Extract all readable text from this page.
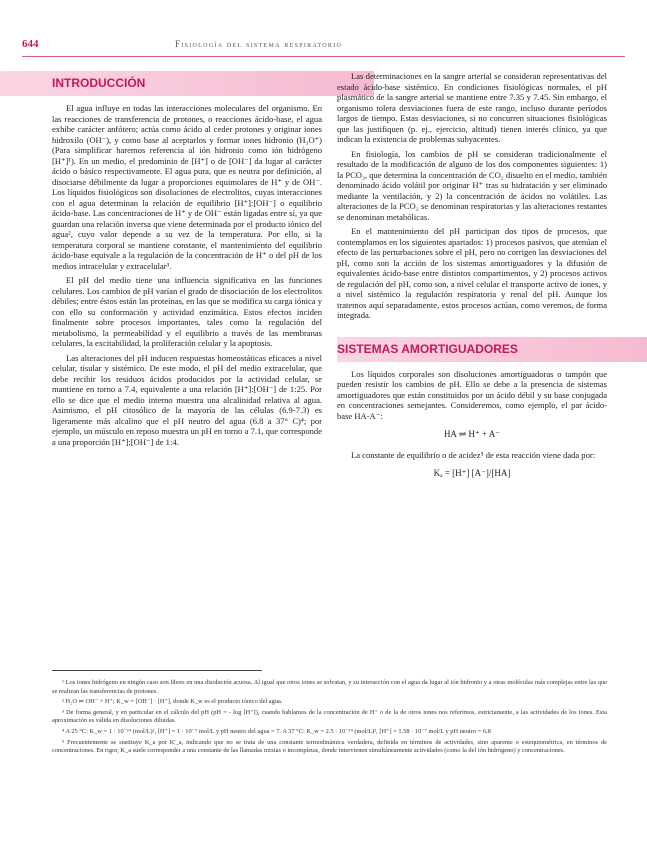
644	Fisiología del sistema respiratorio
INTRODUCCIÓN

El agua influye en todas las interacciones moleculares del organismo. En las reacciones de transferencia de protones, o reacciones ácido-base, el agua exhibe carácter anfótero; actúa como ácido al ceder protones y originar iones hidroxilo (OH⁻), y como base al aceptarlos y formar iones hidronio (H₃O⁺) (Para simplificar haremos referencia al ión hidronio como ión hidrógeno [H⁺]¹). En un medio, el predominio de [H⁺] o de [OH⁻] da lugar al carácter ácido o básico respectivamente. El agua pura, que es neutra por definición, al disociarse débilmente da lugar a proporciones equimolares de H⁺ y de OH⁻. Los líquidos fisiológicos son disoluciones de electrolitos, cuyas interacciones con el agua determinan la relación de equilibrio [H⁺]:[OH⁻] o equilibrio ácido-base. Las concentraciones de H⁺ y de OH⁻ están ligadas entre sí, ya que guardan una relación inversa que viene determinada por el producto iónico del agua², cuyo valor depende a su vez de la temperatura. Por ello, si la temperatura corporal se mantiene constante, el mantenimiento del equilibrio ácido-base equivale a la regulación de la concentración de H⁺ o del pH de los medios intracelular y extracelular³.

El pH del medio tiene una influencia significativa en las funciones celulares. Los cambios de pH varían el grado de disociación de los electrolitos débiles; entre éstos están las proteínas, en las que se modifica su carga iónica y con ello su conformación y actividad enzimática. Estos efectos inciden finalmente sobre procesos importantes, tales como la regulación del metabolismo, la permeabilidad y el equilibrio a través de las membranas celulares, la excitabilidad, la proliferación celular y la apoptosis.

Las alteraciones del pH inducen respuestas homeostáticas eficaces a nivel celular, tisular y sistémico. De este modo, el pH del medio extracelular, que debe recibir los residuos ácidos producidos por la actividad celular, se mantiene en torno a 7.4, equivalente a una relación [H⁺]:[OH⁻] de 1:25. Por ello se dice que el medio interno muestra una alcalinidad relativa al agua. Asimismo, el pH citosólico de la mayoría de las células (6.9-7.3) es ligeramente más alcalino que el pH neutro del agua (6.8 a 37° C)⁴; por ejemplo, un músculo en reposo muestra un pH en torno a 7.1, que corresponde a una proporción [H⁺]:[OH⁻] de 1:4.

Las determinaciones en la sangre arterial se consideran representativas del estado ácido-base sistémico. En condiciones fisiológicas normales, el pH plasmático de la sangre arterial se mantiene entre 7.35 y 7.45. Sin embargo, el organismo tolera desviaciones fuera de este rango, incluso durante períodos largos de tiempo. Estas desviaciones, si no concurren situaciones fisiológicas que las justifiquen (p. ej., ejercicio, altitud) tienen interés clínico, ya que indican la existencia de problemas subyacentes.

En fisiología, los cambios de pH se consideran tradicionalmente el resultado de la modificación de alguno de los dos componentes siguientes: 1) la PCO₂, que determina la concentración de CO₂ disuelto en el medio, también denominado ácido volátil por originar H⁺ tras su hidratación y ser eliminado mediante la ventilación, y 2) la concentración de ácidos no volátiles. Las alteraciones de la PCO₂ se denominan respiratorias y las alteraciones restantes se denominan metabólicas.

En el mantenimiento del pH participan dos tipos de procesos, que contemplamos en los siguientes apartados: 1) procesos pasivos, que atenúan el efecto de las perturbaciones sobre el pH, pero no corrigen las desviaciones del pH, como son la acción de los sistemas amortiguadores y la difusión de equivalentes ácido-base entre distintos compartimentos, y 2) procesos activos de regulación del pH, como son, a nivel celular el transporte activo de iones, y a nivel sistémico la regulación respiratoria y renal del pH. Aunque los tratemos aquí separadamente, estos procesos actúan, como veremos, de forma integrada.

SISTEMAS AMORTIGUADORES

Los líquidos corporales son disoluciones amortiguadoras o tampón que pueden resistir los cambios de pH. Ello se debe a la presencia de sistemas amortiguadores que están constituidos por un ácido débil y su base conjugada en concentraciones semejantes. Consideremos, como ejemplo, el par ácido-base HA-A⁻:

HA ⇌ H⁺ + A⁻

La constante de equilibrio o de acidez⁵ de esta reacción viene dada por:

Kₐ = [H⁺] [A⁻]/[HA]

¹ Los iones hidrógeno en ningún caso son libres en una disolución acuosa. Al igual que otros iones se solvatan, y su interacción con el agua da lugar al ión hidronio y a otras moléculas más complejas entre las que se realizan las transferencias de protones.
² H₂O ⇌ OH⁻ + H⁺; K_w = [OH⁻] · [H⁺], donde K_w es el producto iónico del agua.
³ De forma general, y en particular en el cálculo del pH (pH = - log [H⁺]), cuando hablamos de la concentración de H⁺ o de la de otros iones nos referimos, estrictamente, a las actividades de los iones. Esta aproximación es válida en disoluciones diluidas.
⁴ A 25 °C: K_w = 1 · 10⁻¹⁴ (mol/L)², [H⁺] = 1 · 10⁻⁷ mol/L y pH neutro del agua = 7. A 37 °C: K_w = 2.5 · 10⁻¹⁴ (mol/L)², [H⁺] = 1.58 · 10⁻⁷ mol/L y pH neutro = 6.8
⁵ Frecuentemente se sustituye K_a por K'_a, indicando que no se trata de una constante termodinámica verdadera, definida en términos de actividades, sino aparente o estequiométrica, en términos de concentraciones. En rigor, K_a suele corresponder a una constante de las llamadas mixtas o incompletas, donde intervienen simultáneamente actividades (como la del ión hidrógeno) y concentraciones.
